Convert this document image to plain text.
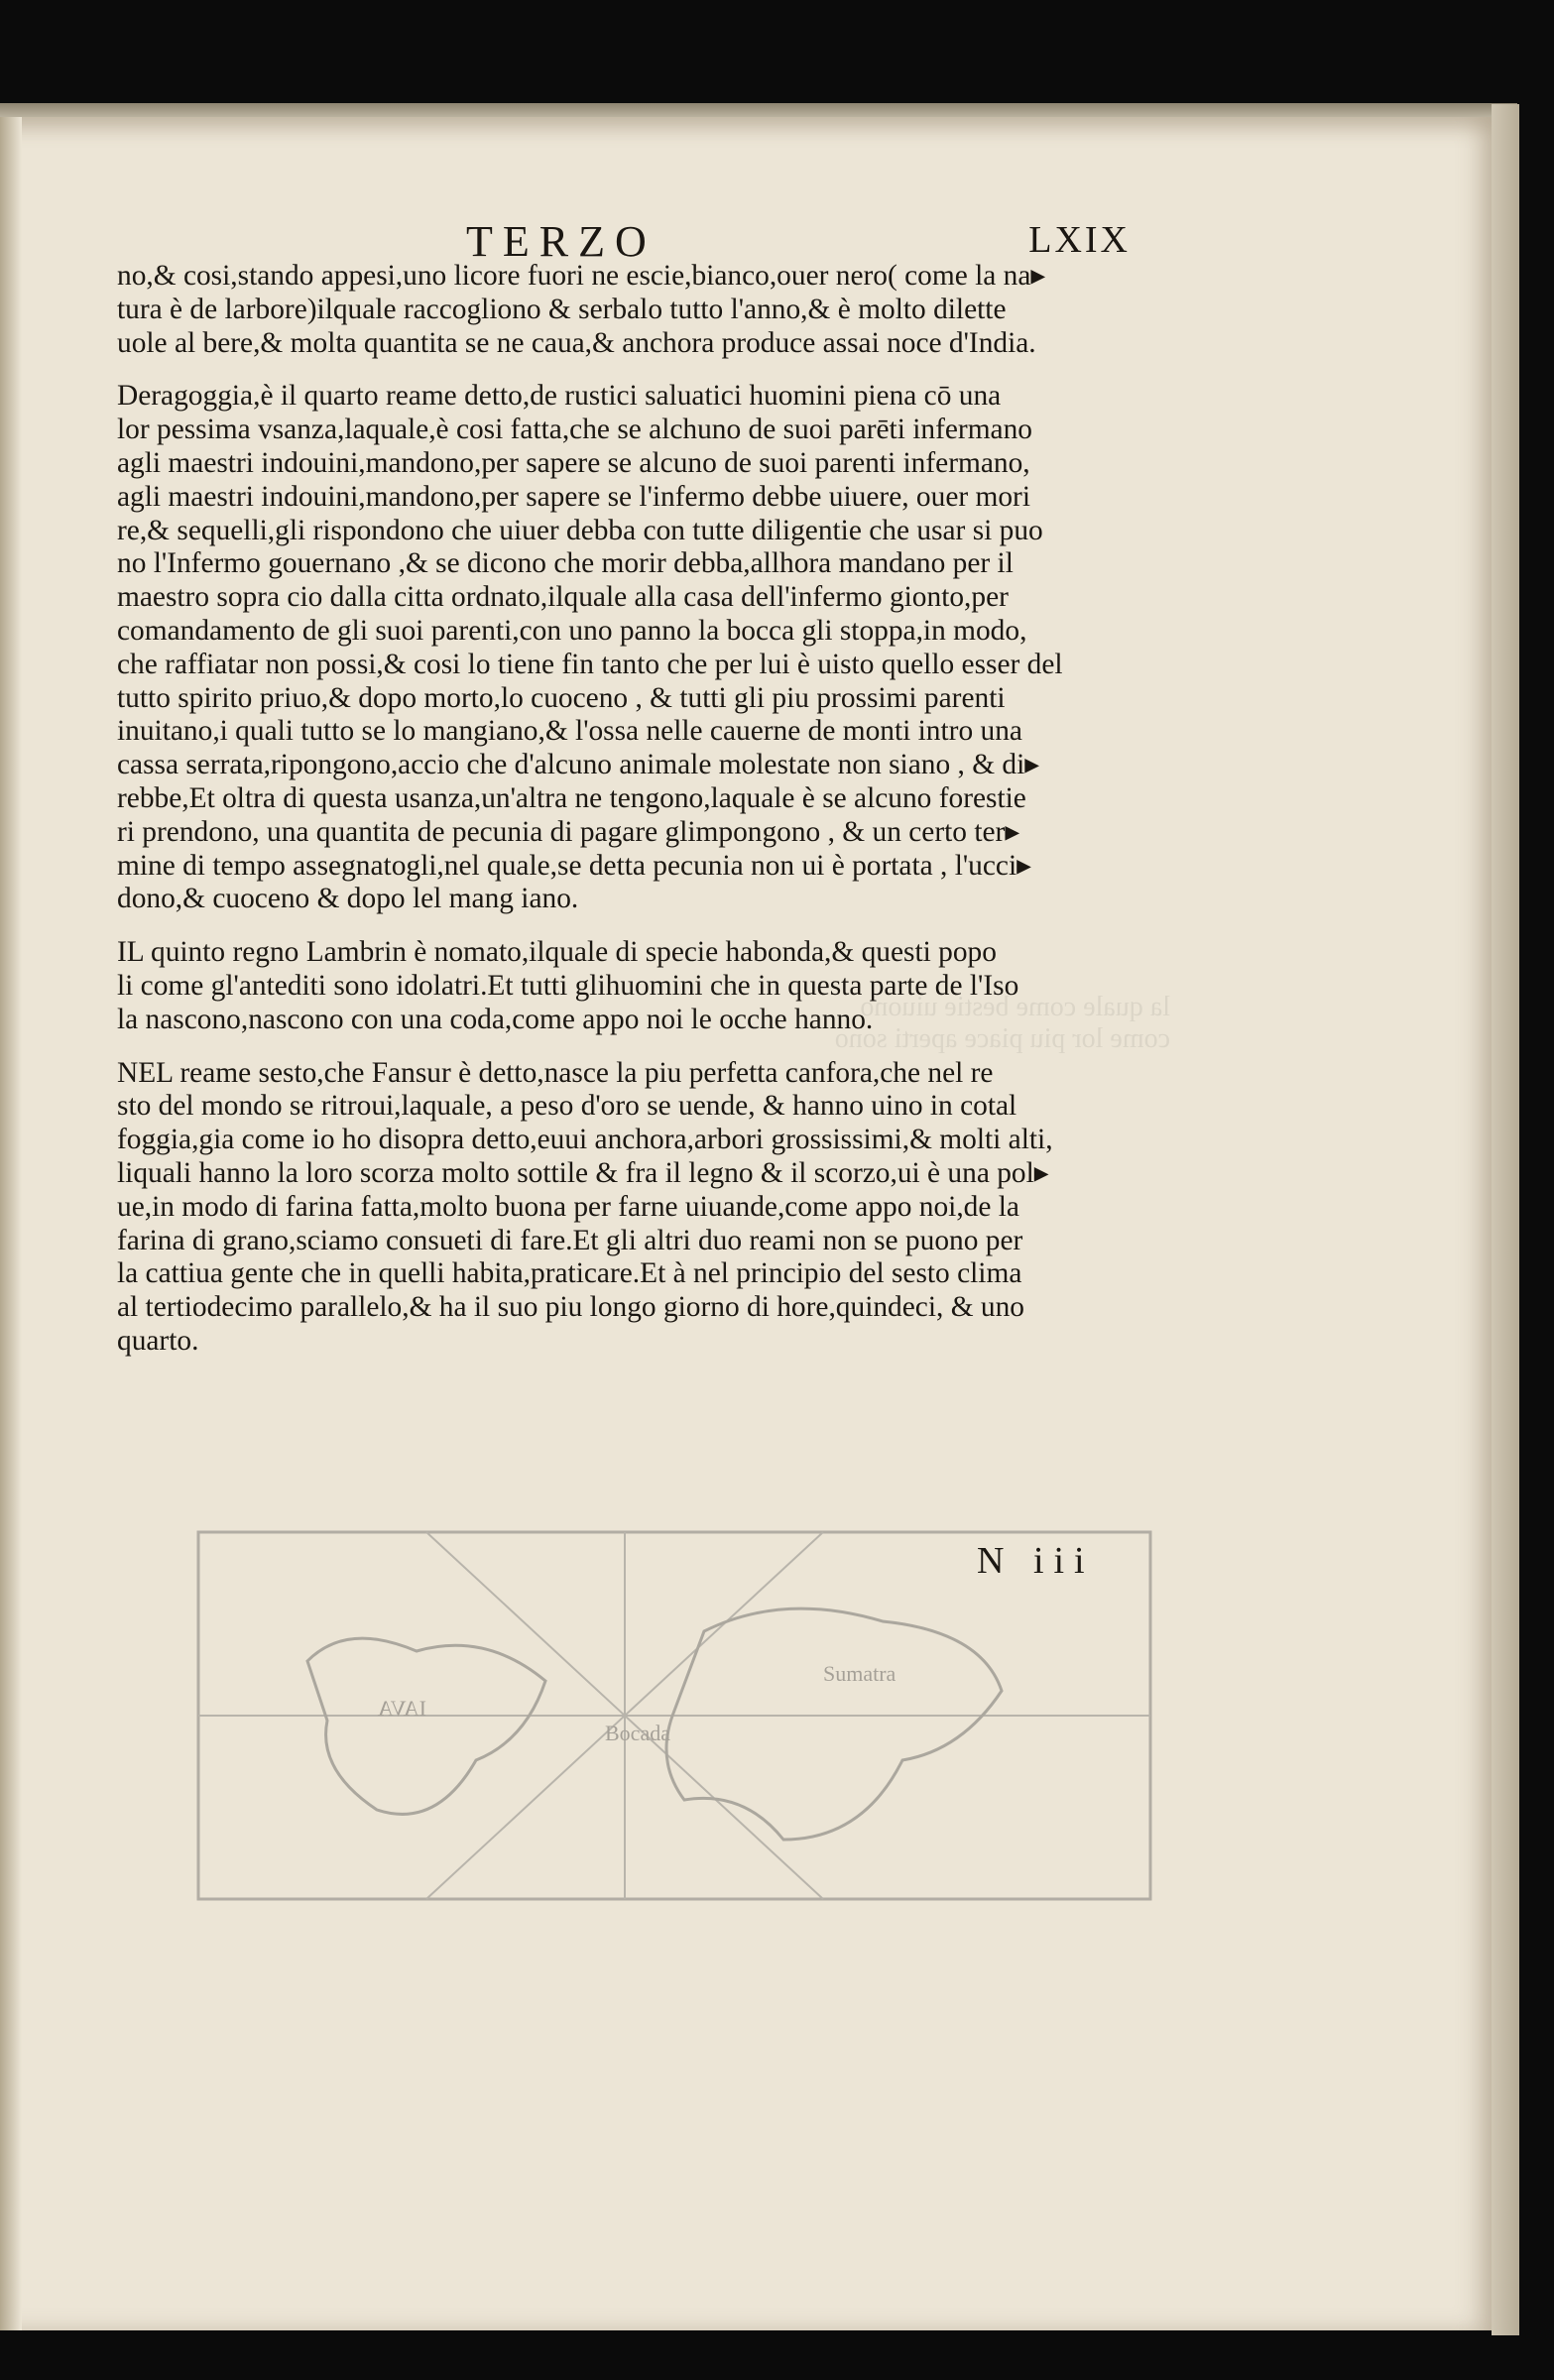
la quale come bestie uiuono
come lor piu piace aperti sono
TERZO	LXIX
no,& cosi,stando appesi,uno licore fuori ne escie,bianco,ouer nero( come la na▸
tura è de larbore)ilquale raccogliono & serbalo tutto l'anno,& è molto dilette
uole al bere,& molta quantita se ne caua,& anchora produce assai noce d'India.
Deragoggia,è il quarto reame detto,de rustici saluatici huomini piena cō una
lor pessima vsanza,laquale,è cosi fatta,che se alchuno de suoi parēti infermano
agli maestri indouini,mandono,per sapere se alcuno de suoi parenti infermano,
agli maestri indouini,mandono,per sapere se l'infermo debbe uiuere, ouer mori
re,& sequelli,gli rispondono che uiuer debba con tutte diligentie che usar si puo
no l'Infermo gouernano ,& se dicono che morir debba,allhora mandano per il
maestro sopra cio dalla citta ordnato,ilquale alla casa dell'infermo gionto,per
comandamento de gli suoi parenti,con uno panno la bocca gli stoppa,in modo,
che raffiatar non possi,& cosi lo tiene fin tanto che per lui è uisto quello esser del
tutto spirito priuo,& dopo morto,lo cuoceno , & tutti gli piu prossimi parenti
inuitano,i quali tutto se lo mangiano,& l'ossa nelle cauerne de monti intro una
cassa serrata,ripongono,accio che d'alcuno animale molestate non siano , & di▸
rebbe,Et oltra di questa usanza,un'altra ne tengono,laquale è se alcuno forestie
ri prendono, una quantita de pecunia di pagare glimpongono , & un certo ter▸
mine di tempo assegnatogli,nel quale,se detta pecunia non ui è portata , l'ucci▸
dono,& cuoceno & dopo lel mang iano.
IL quinto regno Lambrin è nomato,ilquale di specie habonda,& questi popo
li come gl'antediti sono idolatri.Et tutti glihuomini che in questa parte de l'Iso
la nascono,nascono con una coda,come appo noi le ocche hanno.
NEL reame sesto,che Fansur è detto,nasce la piu perfetta canfora,che nel re
sto del mondo se ritroui,laquale, a peso d'oro se uende, & hanno uino in cotal
foggia,gia come io ho disopra detto,euui anchora,arbori grossissimi,& molti alti,
liquali hanno la loro scorza molto sottile & fra il legno & il scorzo,ui è una pol▸
ue,in modo di farina fatta,molto buona per farne uiuande,come appo noi,de la
farina di grano,sciamo consueti di fare.Et gli altri duo reami non se puono per
la cattiua gente che in quelli habita,praticare.Et à nel principio del sesto clima
al tertiodecimo parallelo,& ha il suo piu longo giorno di hore,quindeci, & uno
quarto.
IAVA
Sumatra
Bocada
N iii
